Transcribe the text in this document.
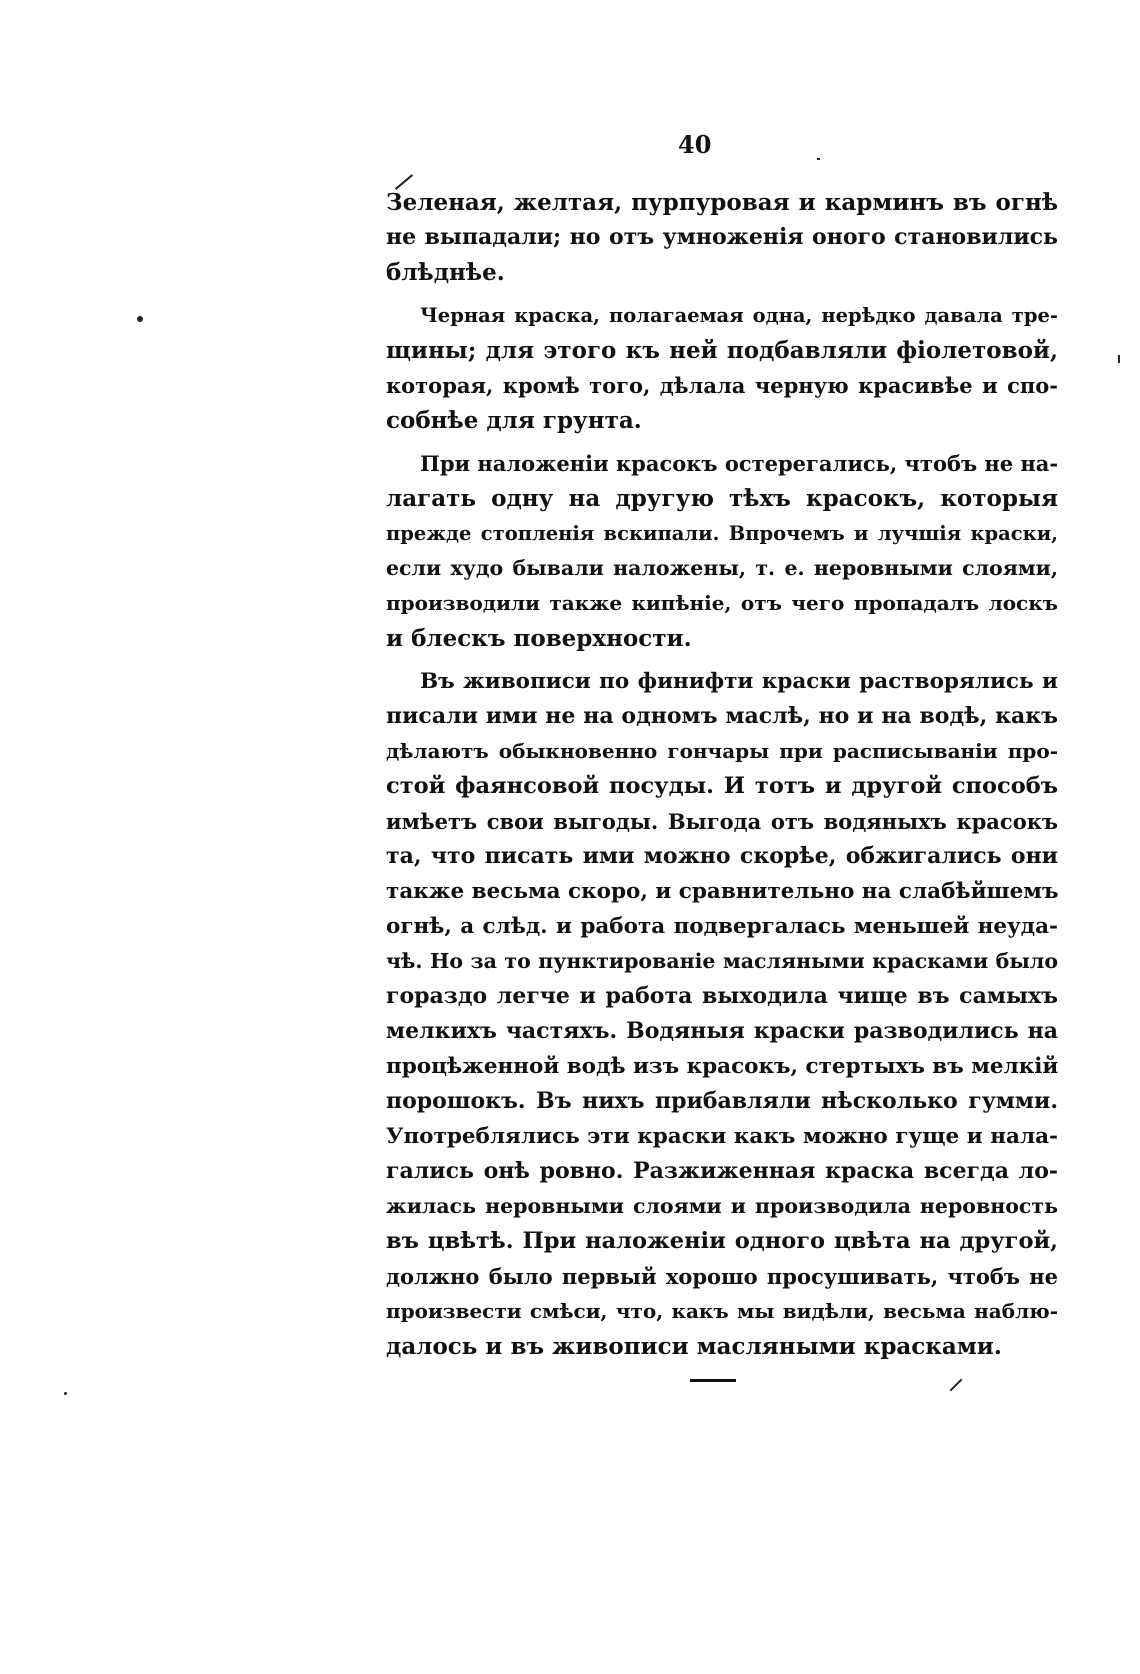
40
Зеленая, желтая, пурпуровая и карминъ въ огнѣ
не выпадали; но отъ умноженiя оного становились
блѣднѣе.
Черная краска, полагаемая одна, нерѣдко давала тре-
щины; для этого къ ней подбавляли фiолетовой,
которая, кромѣ того, дѣлала черную красивѣе и спо-
собнѣе для грунта.
При наложенiи красокъ остерегались, чтобъ не на-
лагать одну на другую тѣхъ красокъ, которыя
прежде стопленiя вскипали. Впрочемъ и лучшiя краски,
если худо бывали наложены, т. е. неровными слоями,
производили также кипѣнiе, отъ чего пропадалъ лоскъ
и блескъ поверхности.
Въ живописи по финифти краски растворялись и
писали ими не на одномъ маслѣ, но и на водѣ, какъ
дѣлаютъ обыкновенно гончары при расписыванiи про-
стой фаянсовой посуды. И тотъ и другой способъ
имѣетъ свои выгоды. Выгода отъ водяныхъ красокъ
та, что писать ими можно скорѣе, обжигались они
также весьма скоро, и сравнительно на слабѣйшемъ
огнѣ, а слѣд. и работа подвергалась меньшей неуда-
чѣ. Но за то пунктированiе масляными красками было
гораздо легче и работа выходила чище въ самыхъ
мелкихъ частяхъ. Водяныя краски разводились на
процѣженной водѣ изъ красокъ, стертыхъ въ мелкiй
порошокъ. Въ нихъ прибавляли нѣсколько гумми.
Употреблялись эти краски какъ можно гуще и нала-
гались онѣ ровно. Разжиженная краска всегда ло-
жилась неровными слоями и производила неровность
въ цвѣтѣ. При наложенiи одного цвѣта на другой,
должно было первый хорошо просушивать, чтобъ не
произвести смѣси, что, какъ мы видѣли, весьма наблю-
далось и въ живописи масляными красками.
